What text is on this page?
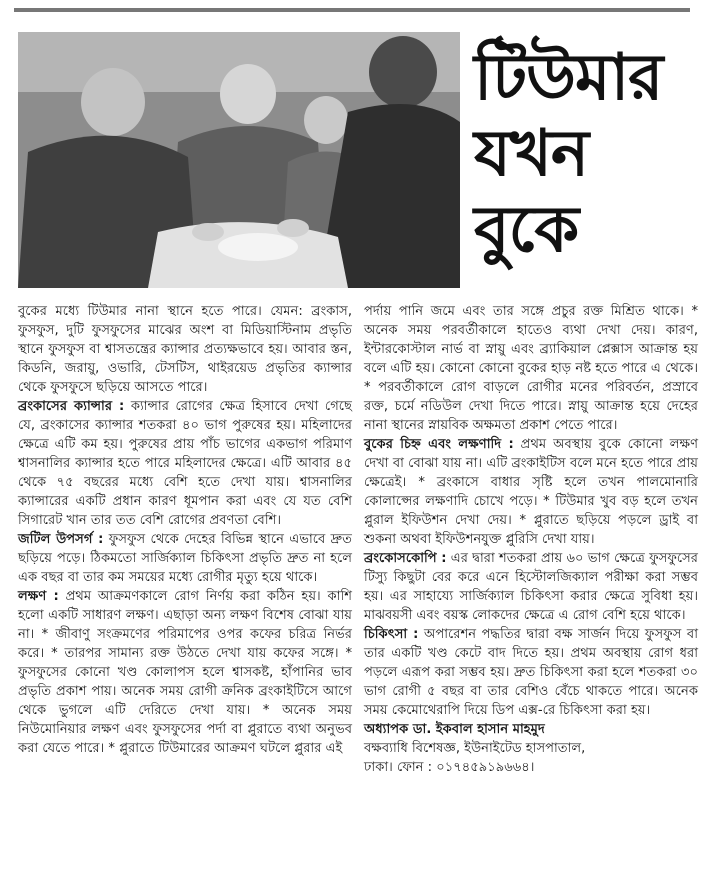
টিউমার
যখন
বুকে

বুকের মধ্যে টিউমার নানা স্থানে হতে পারে। যেমন: ব্রংকাস, ফুসফুস, দুটি ফুসফুসের মাঝের অংশ বা মিডিয়াস্টিনাম প্রভৃতি স্থানে ফুসফুস বা শ্বাসতন্ত্রের ক্যান্সার প্রত্যক্ষভাবে হয়। আবার স্তন, কিডনি, জরায়ু, ওভারি, টেসটিস, থাইরয়েড প্রভৃতির ক্যান্সার থেকে ফুসফুসে ছড়িয়ে আসতে পারে।

ব্রংকাসের ক্যান্সার : ক্যান্সার রোগের ক্ষেত্র হিসাবে দেখা গেছে যে, ব্রংকাসের ক্যান্সার শতকরা ৪০ ভাগ পুরুষের হয়। মহিলাদের ক্ষেত্রে এটি কম হয়। পুরুষের প্রায় পাঁচ ভাগের একভাগ পরিমাণ শ্বাসনালির ক্যান্সার হতে পারে মহিলাদের ক্ষেত্রে। এটি আবার ৪৫ থেকে ৭৫ বছরের মধ্যে বেশি হতে দেখা যায়। শ্বাসনালির ক্যান্সারের একটি প্রধান কারণ ধূমপান করা এবং যে যত বেশি সিগারেট খান তার তত বেশি রোগের প্রবণতা বেশি।

জটিল উপসর্গ : ফুসফুস থেকে দেহের বিভিন্ন স্থানে এভাবে দ্রুত ছড়িয়ে পড়ে। ঠিকমতো সার্জিক্যাল চিকিৎসা প্রভৃতি দ্রুত না হলে এক বছর বা তার কম সময়ের মধ্যে রোগীর মৃত্যু হয়ে থাকে।

লক্ষণ : প্রথম আক্রমণকালে রোগ নির্ণয় করা কঠিন হয়। কাশি হলো একটি সাধারণ লক্ষণ। এছাড়া অন্য লক্ষণ বিশেষ বোঝা যায় না। * জীবাণু সংক্রমণের পরিমাপের ওপর কফের চরিত্র নির্ভর করে। * তারপর সামান্য রক্ত উঠতে দেখা যায় কফের সঙ্গে। * ফুসফুসের কোনো খণ্ড কোলাপস হলে শ্বাসকষ্ট, হাঁপানির ভাব প্রভৃতি প্রকাশ পায়। অনেক সময় রোগী ক্রনিক ব্রংকাইটিসে আগে থেকে ভুগলে এটি দেরিতে দেখা যায়। * অনেক সময় নিউমোনিয়ার লক্ষণ এবং ফুসফুসের পর্দা বা প্লুরাতে ব্যথা অনুভব করা যেতে পারে। * প্লুরাতে টিউমারের আক্রমণ ঘটলে প্লুরার এই

পর্দায় পানি জমে এবং তার সঙ্গে প্রচুর রক্ত মিশ্রিত থাকে। * অনেক সময় পরবর্তীকালে হাতেও ব্যথা দেখা দেয়। কারণ, ইন্টারকোস্টাল নার্ভ বা স্নায়ু এবং ব্র্যাকিয়াল প্লেক্সাস আক্রান্ত হয় বলে এটি হয়। কোনো কোনো বুকের হাড় নষ্ট হতে পারে এ থেকে। * পরবর্তীকালে রোগ বাড়লে রোগীর মনের পরিবর্তন, প্রস্রাবে রক্ত, চর্মে নডিউল দেখা দিতে পারে। স্নায়ু আক্রান্ত হয়ে দেহের নানা স্থানের স্নায়বিক অক্ষমতা প্রকাশ পেতে পারে।

বুকের চিহ্ন এবং লক্ষণাদি : প্রথম অবস্থায় বুকে কোনো লক্ষণ দেখা বা বোঝা যায় না। এটি ব্রংকাইটিস বলে মনে হতে পারে প্রায় ক্ষেত্রেই। * ব্রংকাসে বাধার সৃষ্টি হলে তখন পালমোনারি কোলাপ্সের লক্ষণাদি চোখে পড়ে। * টিউমার খুব বড় হলে তখন প্লুরাল ইফিউশন দেখা দেয়। * প্লুরাতে ছড়িয়ে পড়লে ড্রাই বা শুকনা অথবা ইফিউশনযুক্ত প্লুরিসি দেখা যায়।

ব্রংকোসকোপি : এর দ্বারা শতকরা প্রায় ৬০ ভাগ ক্ষেত্রে ফুসফুসের টিস্যু কিছুটা বের করে এনে হিস্টোলজিক্যাল পরীক্ষা করা সম্ভব হয়। এর সাহায্যে সার্জিক্যাল চিকিৎসা করার ক্ষেত্রে সুবিধা হয়। মাঝবয়সী এবং বয়স্ক লোকদের ক্ষেত্রে এ রোগ বেশি হয়ে থাকে।

চিকিৎসা : অপারেশন পদ্ধতির দ্বারা বক্ষ সার্জন দিয়ে ফুসফুস বা তার একটি খণ্ড কেটে বাদ দিতে হয়। প্রথম অবস্থায় রোগ ধরা পড়লে এরূপ করা সম্ভব হয়। দ্রুত চিকিৎসা করা হলে শতকরা ৩০ ভাগ রোগী ৫ বছর বা তার বেশিও বেঁচে থাকতে পারে। অনেক সময় কেমোথেরাপি দিয়ে ডিপ এক্স-রে চিকিৎসা করা হয়।

অধ্যাপক ডা. ইকবাল হাসান মাহমুদ

বক্ষব্যাধি বিশেষজ্ঞ, ইউনাইটেড হাসপাতাল,

ঢাকা। ফোন : ০১৭৪৫৯১৯৬৬৪।
